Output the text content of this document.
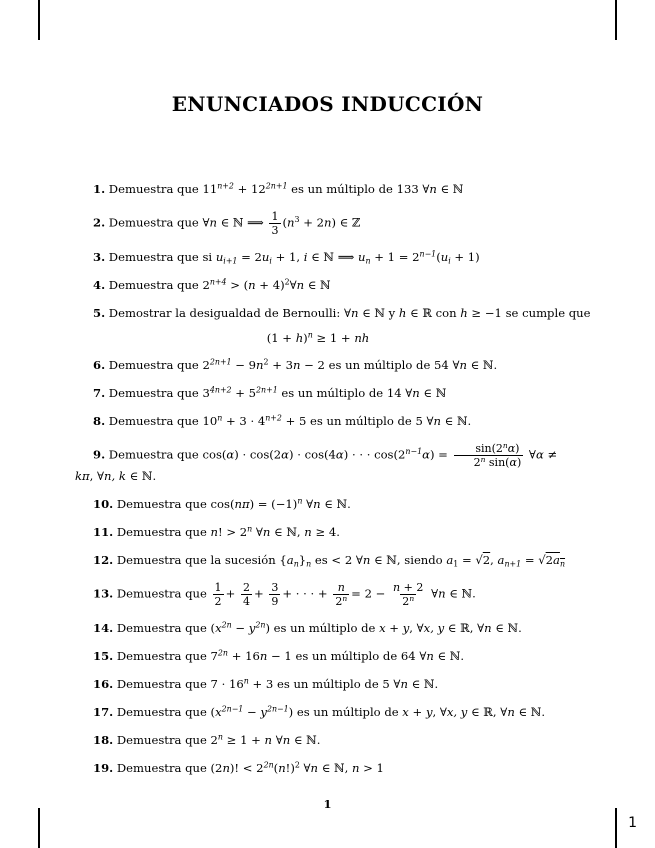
ENUNCIADOS INDUCCIÓN
1. Demuestra que $11^{n+2} + 12^{2n+1}$ es un múltiplo de 133 ∀n ∈ ℕ
2. Demuestra que ∀n ∈ ℕ ⟹ $\frac{1}{3} (n^3 + 2n)$ ∈ ℤ
3. Demuestra que si $u_{i+1} = 2u_i + 1$, i ∈ ℕ ⟹ $u_n + 1 = 2^{n-1}(u_i + 1)$
4. Demuestra que $2^{n+4} > (n$ + $4)^2\forall n$ ∈ ℕ
5. Demostrar la desigualdad de Bernoulli: ∀n ∈ ℕ y h ∈ ℝ con h ≥ −1 se cumple que
$(1 + h)^n \ge 1$ + nh
6. Demuestra que $2^{2n+1} - 9n^2 + 3n - 2$ es un múltiplo de 54 ∀n ∈ ℕ.
7. Demuestra que $3^{4n+2} + 5^{2n+1}$ es un múltiplo de 14 ∀n ∈ ℕ
8. Demuestra que $10^n + 3 \cdot 4^{n+2} + 5$ es un múltiplo de 5 ∀n ∈ ℕ.
9. Demuestra que cos(α) · cos(2α) · cos(4α) · · · $\cos(2^{n-1}\alpha) = \frac{\sin(2^n\alpha)}{2^n \sin(\alpha)}$ ∀α ≠ kπ, ∀n, k ∈ ℕ.
10. Demuestra que $\cos(n\pi) = (-1)^n$ ∀n ∈ ℕ.
11. Demuestra que n! > $2^n$ ∀n ∈ ℕ, n ≥ 4.
12. Demuestra que la sucesión $\{a_n\}_n$ es < 2 ∀n ∈ ℕ, siendo $a_1 = √2$, $a_{n+1} = √2a_n$
13. Demuestra que $\frac{1}{2} + \frac{2}{4} + \frac{3}{9}$ + · · · + $\frac{n}{2^n} = 2 - \frac{n + 2}{2^n}$ ∀n ∈ ℕ.
14. Demuestra que $(x^{2n} - y^{2n})$ es un múltiplo de x + y, ∀x, y ∈ ℝ, ∀n ∈ ℕ.
15. Demuestra que $7^{2n} + 16n - 1$ es un múltiplo de 64 ∀n ∈ ℕ.
16. Demuestra que $7 \cdot 16^n + 3$ es un múltiplo de 5 ∀n ∈ ℕ.
17. Demuestra que $(x^{2n-1} - y^{2n-1})$ es un múltiplo de x + y, ∀x, y ∈ ℝ, ∀n ∈ ℕ.
18. Demuestra que $2^n \ge 1 + n$ ∀n ∈ ℕ.
19. Demuestra que (2n)! < $2^{2n}(n!)^2$ ∀n ∈ ℕ, n > 1
1
1
